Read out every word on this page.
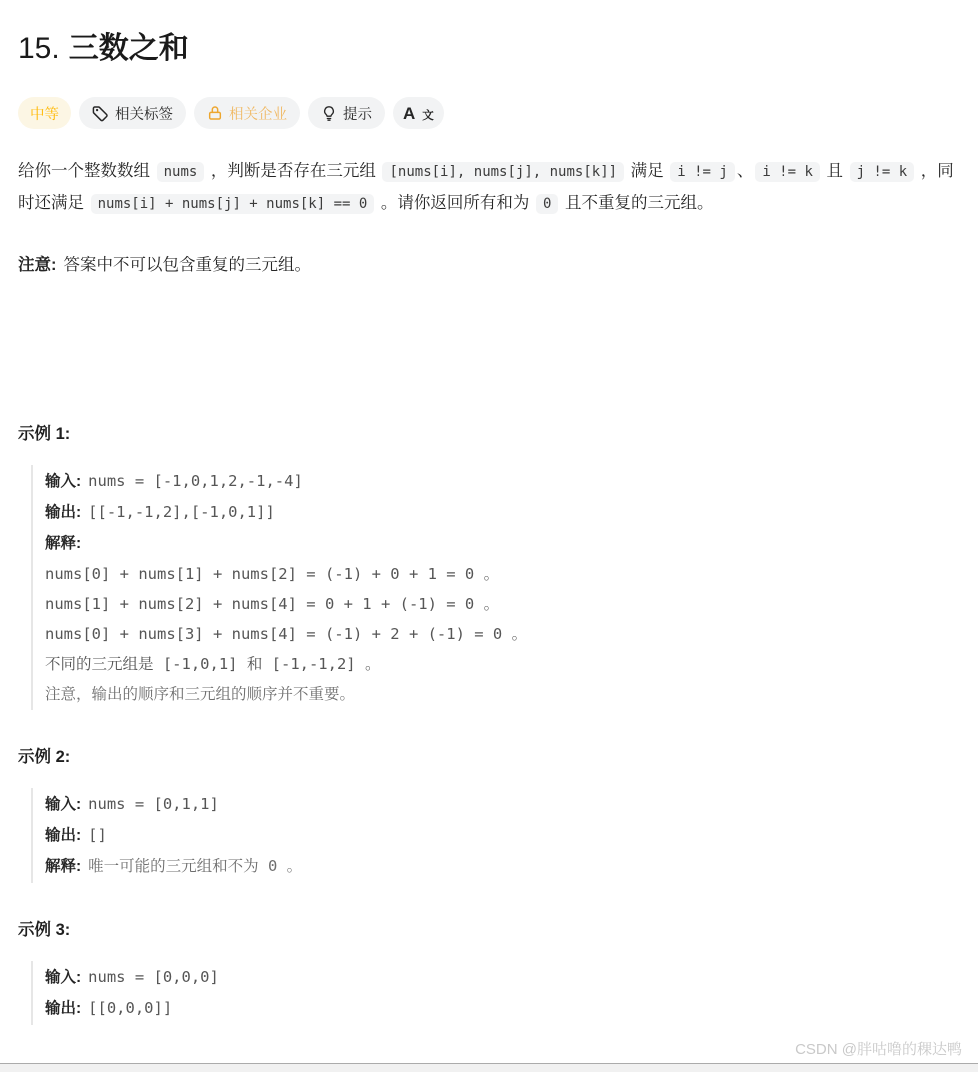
15. 三数之和
中等	相关标签	相关企业	提示 A 文

给你一个整数数组 nums ，判断是否存在三元组 [nums[i], nums[j], nums[k]] 满足 i != j 、 i != k 且 j != k ，同时还满足 nums[i] + nums[j] + nums[k] == 0 。请你返回所有和为 0 且不重复的三元组。

注意: 答案中不可以包含重复的三元组。

示例 1:

输入: nums = [-1,0,1,2,-1,-4]
输出: [[-1,-1,2],[-1,0,1]]
解释:
nums[0] + nums[1] + nums[2] = (-1) + 0 + 1 = 0 。
nums[1] + nums[2] + nums[4] = 0 + 1 + (-1) = 0 。
nums[0] + nums[3] + nums[4] = (-1) + 2 + (-1) = 0 。
不同的三元组是 [-1,0,1] 和 [-1,-1,2] 。
注意，输出的顺序和三元组的顺序并不重要。

示例 2:

输入: nums = [0,1,1]
输出: []
解释: 唯一可能的三元组和不为 0 。

示例 3:

输入: nums = [0,0,0]
输出: [[0,0,0]]
CSDN @胖咕噜的稞达鸭
